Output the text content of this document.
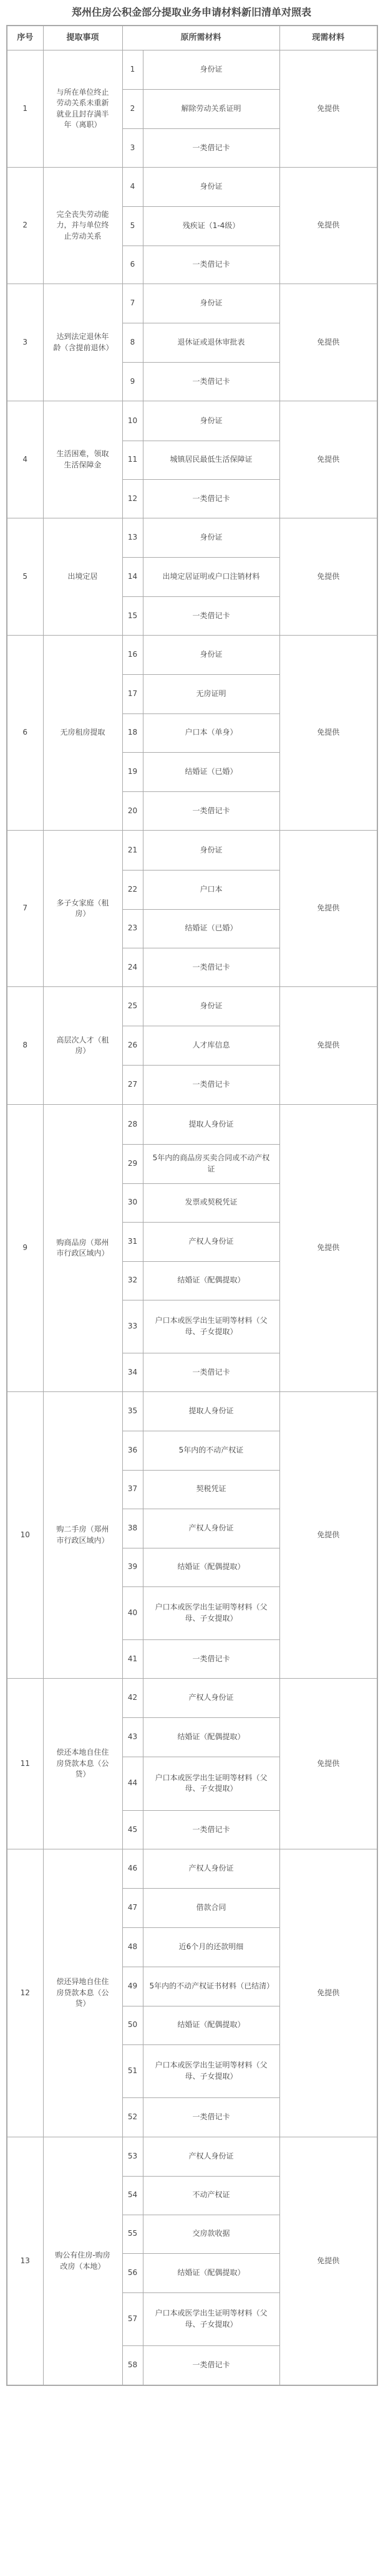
郑州住房公积金部分提取业务申请材料新旧清单对照表
序号	提取事项	原所需材料	现需材料
1	与所在单位终止劳动关系未重新就业且封存满半年（离职）	
1	身份证
2	解除劳动关系证明
3	一类借记卡
	免提供
2	完全丧失劳动能力，并与单位终止劳动关系	
4	身份证
5	残疾证（1-4级）
6	一类借记卡
	免提供
3	达到法定退休年龄（含提前退休）	
7	身份证
8	退休证或退休审批表
9	一类借记卡
	免提供
4	生活困难，领取生活保障金	
10	身份证
11	城镇居民最低生活保障证
12	一类借记卡
	免提供
5	出境定居	
13	身份证
14	出境定居证明或户口注销材料
15	一类借记卡
	免提供
6	无房租房提取	
16	身份证
17	无房证明
18	户口本（单身）
19	结婚证（已婚）
20	一类借记卡
	免提供
7	多子女家庭（租房）	
21	身份证
22	户口本
23	结婚证（已婚）
24	一类借记卡
	免提供
8	高层次人才（租房）	
25	身份证
26	人才库信息
27	一类借记卡
	免提供
9	购商品房（郑州市行政区域内）	
28	提取人身份证
29	5年内的商品房买卖合同或不动产权证
30	发票或契税凭证
31	产权人身份证
32	结婚证（配偶提取）
33	户口本或医学出生证明等材料（父母、子女提取）
34	一类借记卡
	免提供
10	购二手房（郑州市行政区域内）	
35	提取人身份证
36	5年内的不动产权证
37	契税凭证
38	产权人身份证
39	结婚证（配偶提取）
40	户口本或医学出生证明等材料（父母、子女提取）
41	一类借记卡
	免提供
11	偿还本地自住住房贷款本息（公贷）	
42	产权人身份证
43	结婚证（配偶提取）
44	户口本或医学出生证明等材料（父母、子女提取）
45	一类借记卡
	免提供
12	偿还异地自住住房贷款本息（公贷）	
46	产权人身份证
47	借款合同
48	近6个月的还款明细
49	5年内的不动产权证书材料（已结清）
50	结婚证（配偶提取）
51	户口本或医学出生证明等材料（父母、子女提取）
52	一类借记卡
	免提供
13	购公有住房-购房改房（本地）	
53	产权人身份证
54	不动产权证
55	交房款收据
56	结婚证（配偶提取）
57	户口本或医学出生证明等材料（父母、子女提取）
58	一类借记卡
	免提供
